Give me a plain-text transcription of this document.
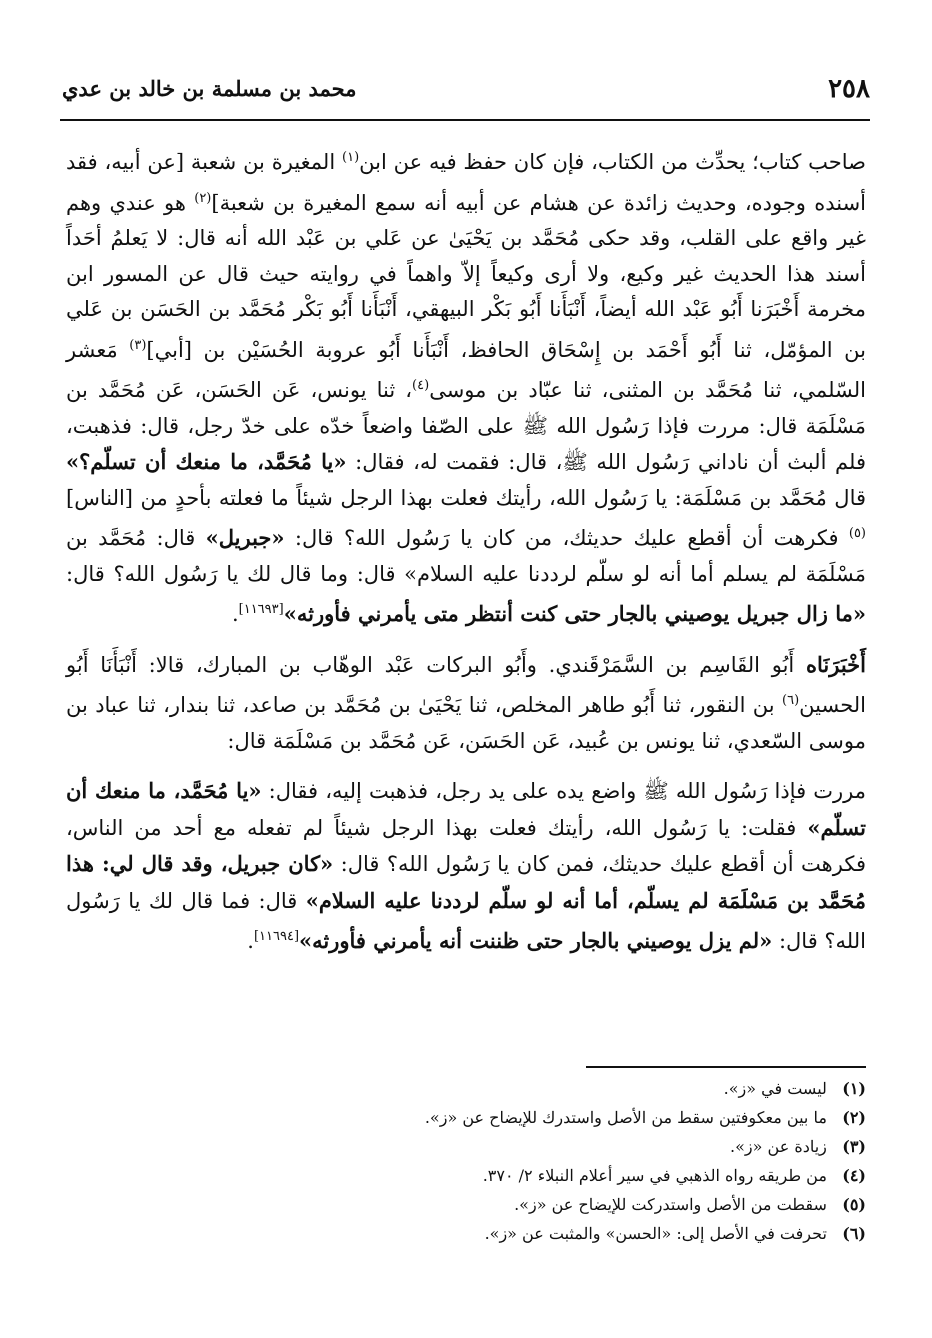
٢٥٨
محمد بن مسلمة بن خالد بن عدي

صاحب كتاب؛ يحدِّث من الكتاب، فإن كان حفظ فيه عن ابن$^{(١)}$ المغيرة بن شعبة [عن أبيه، فقد أسنده وجوده، وحديث زائدة عن هشام عن أبيه أنه سمع المغيرة بن شعبة]$^{(٢)}$ هو عندي وهم غير واقع على القلب، وقد حكى مُحَمَّد بن يَحْيَىٰ عن عَلي بن عَبْد الله أنه قال: لا يَعلمُ أحَداً أسند هذا الحديث غير وكيع، ولا أرى وكيعاً إلاّ واهماً في روايته حيث قال عن المسور ابن مخرمة أَخْبَرَنا أَبُو عَبْد الله أيضاً، أَنْبَأَنا أَبُو بَكْر البيهقي، أَنْبَأَنا أَبُو بَكْر مُحَمَّد بن الحَسَن بن عَلي بن المؤمّل، ثنا أَبُو أَحْمَد بن إِسْحَاق الحافظ، أَنْبَأَنا أَبُو عروبة الحُسَيْن بن [أبي]$^{(٣)}$ مَعشر السّلمي، ثنا مُحَمَّد بن المثنى، ثنا عبّاد بن موسى$^{(٤)}$، ثنا يونس، عَن الحَسَن، عَن مُحَمَّد بن مَسْلَمَة قال: مررت فإذا رَسُول الله ﷺ على الصّفا واضعاً خدّه على خدّ رجل، قال: فذهبت، فلم ألبث أن ناداني رَسُول الله ﷺ، قال: فقمت له، فقال: «يا مُحَمَّد، ما منعك أن تسلّم؟» قال مُحَمَّد بن مَسْلَمَة: يا رَسُول الله، رأيتك فعلت بهذا الرجل شيئاً ما فعلته بأحدٍ من [الناس]$^{(٥)}$ فكرهت أن أقطع عليك حديثك، من كان يا رَسُول الله؟ قال: «جبريل» قال: مُحَمَّد بن مَسْلَمَة لم يسلم أما أنه لو سلّم لرددنا عليه السلام» قال: وما قال لك يا رَسُول الله؟ قال: «ما زال جبريل يوصيني بالجار حتى كنت أنتظر متى يأمرني فأورثه»[١١٦٩٣].

أَخْبَرَنَاه أَبُو القَاسِم بن السَّمَرْقَندي. وأَبُو البركات عَبْد الوهّاب بن المبارك، قالا: أَنْبَأَنَا أَبُو الحسين$^{(٦)}$ بن النقور، ثنا أَبُو طاهر المخلص، ثنا يَحْيَىٰ بن مُحَمَّد بن صاعد، ثنا بندار، ثنا عباد بن موسى السّعدي، ثنا يونس بن عُبيد، عَن الحَسَن، عَن مُحَمَّد بن مَسْلَمَة قال:

مررت فإذا رَسُول الله ﷺ واضع يده على يد رجل، فذهبت إليه، فقال: «يا مُحَمَّد، ما منعك أن تسلّم» فقلت: يا رَسُول الله، رأيتك فعلت بهذا الرجل شيئاً لم تفعله مع أحد من الناس، فكرهت أن أقطع عليك حديثك، فمن كان يا رَسُول الله؟ قال: «كان جبريل، وقد قال لي: هذا مُحَمَّد بن مَسْلَمَة لم يسلّم، أما أنه لو سلّم لرددنا عليه السلام» قال: فما قال لك يا رَسُول الله؟ قال: «لم يزل يوصيني بالجار حتى ظننت أنه يأمرني فأورثه»[١١٦٩٤].

(١) ليست في «ز».
(٢) ما بين معكوفتين سقط من الأصل واستدرك للإيضاح عن «ز».
(٣) زيادة عن «ز».
(٤) من طريقه رواه الذهبي في سير أعلام النبلاء ٢/ ٣٧٠.
(٥) سقطت من الأصل واستدركت للإيضاح عن «ز».
(٦) تحرفت في الأصل إلى: «الحسن» والمثبت عن «ز».
